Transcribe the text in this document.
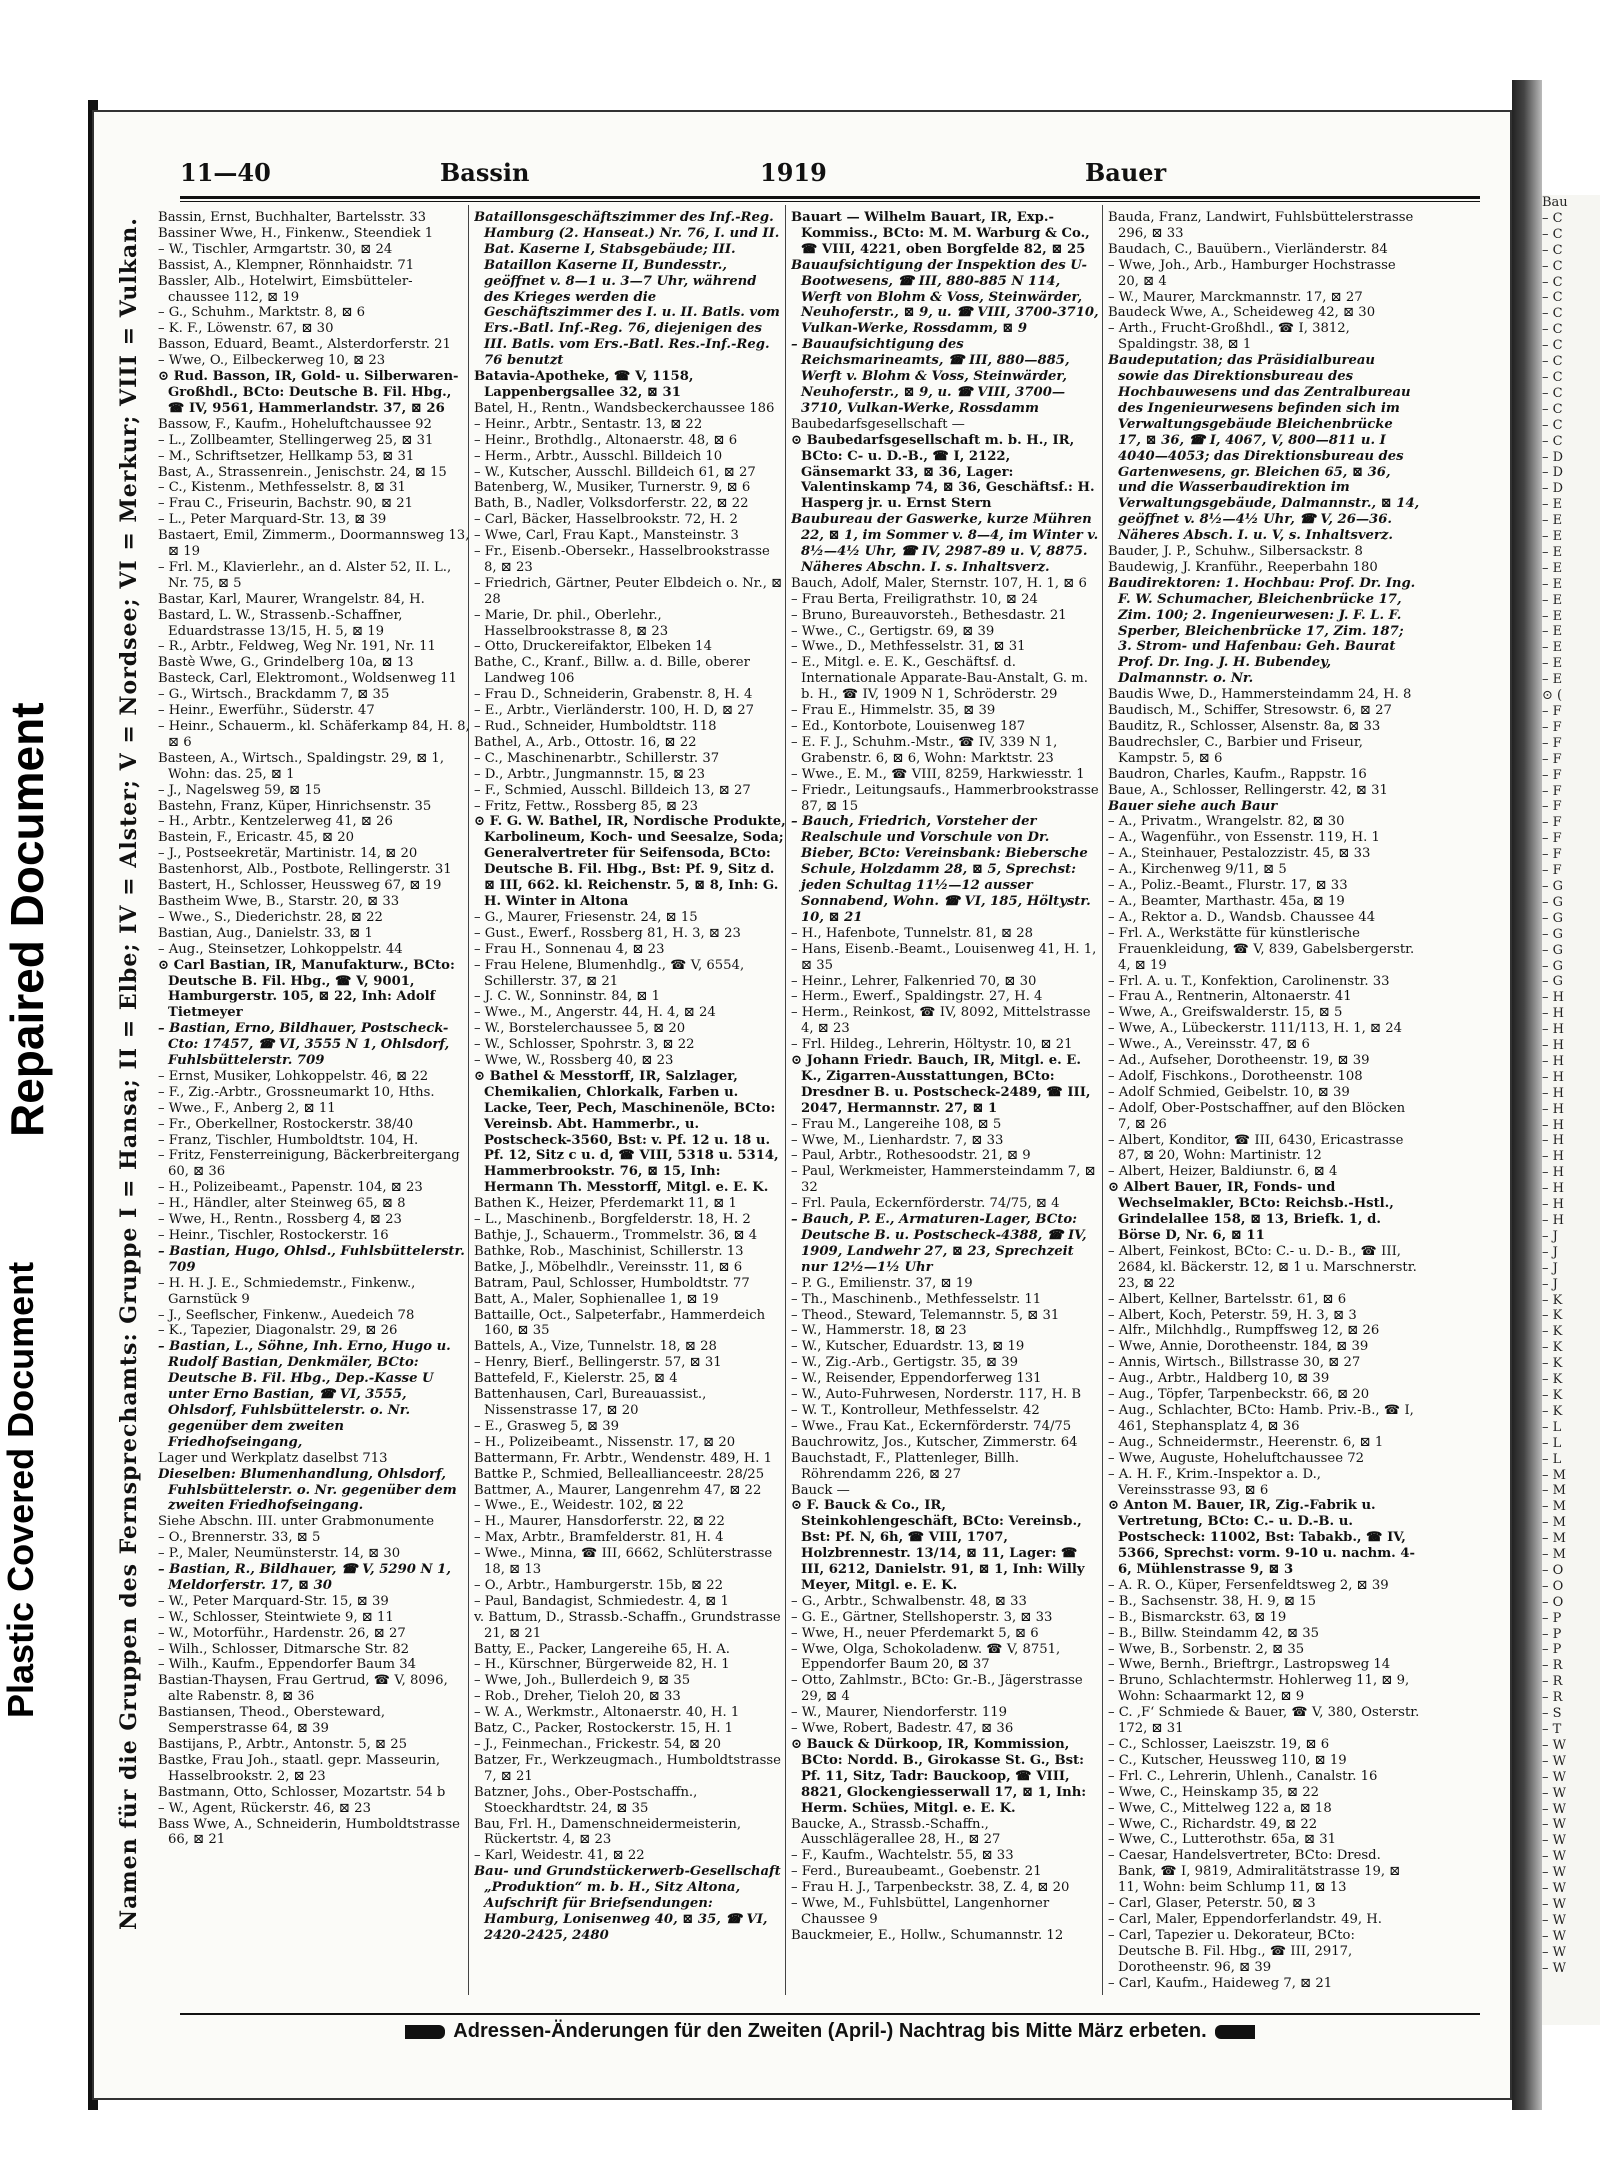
Repaired Document
Plastic Covered Document
Bau
– C
– C
– C
– C
– C
– C
– C
– C
– C
– C
– C
– C
– C
– C
– C
– D
– D
– D
– E
– E
– E
– E
– E
– E
– E
– E
– E
– E
– E
– E
⊙ (
– F
– F
– F
– F
– F
– F
– F
– F
– F
– F
– F
– G
– G
– G
– G
– G
– G
– G
– H
– H
– H
– H
– H
– H
– H
– H
– H
– H
– H
– H
– H
– H
– H
– J
– J
– J
– J
– K
– K
– K
– K
– K
– K
– K
– K
– L
– L
– L
– M
– M
– M
– M
– M
– M
– O
– O
– O
– P
– P
– P
– R
– R
– R
– S
– T
– W
– W
– W
– W
– W
– W
– W
– W
– W
– W
– W
– W
– W
– W
– W
11—40	Bassin	1919	Bauer
Namen für die Gruppen des Fernsprechamts: Gruppe I = Hansa; II = Elbe; IV = Alster; V = Nordsee; VI = Merkur; VIII = Vulkan.	Bassin, Ernst, Buchhalter, Bartelsstr. 33

Bassiner Wwe, H., Finkenw., Steendiek 1

– W., Tischler, Armgartstr. 30, ⊠ 24

Bassist, A., Klempner, Rönnhaidstr. 71

Bassler, Alb., Hotelwirt, Eimsbütteler-chaussee 112, ⊠ 19

– G., Schuhm., Marktstr. 8, ⊠ 6

– K. F., Löwenstr. 67, ⊠ 30

Basson, Eduard, Beamt., Alsterdorferstr. 21

– Wwe, O., Eilbeckerweg 10, ⊠ 23

⊙ Rud. Basson, IR, Gold- u. Silberwaren-Großhdl., BCto: Deutsche B. Fil. Hbg., ☎ IV, 9561, Hammerlandstr. 37, ⊠ 26

Bassow, F., Kaufm., Hoheluftchaussee 92

– L., Zollbeamter, Stellingerweg 25, ⊠ 31

– M., Schriftsetzer, Hellkamp 53, ⊠ 31

Bast, A., Strassenrein., Jenischstr. 24, ⊠ 15

– C., Kistenm., Methfesselstr. 8, ⊠ 31

– Frau C., Friseurin, Bachstr. 90, ⊠ 21

– L., Peter Marquard-Str. 13, ⊠ 39

Bastaert, Emil, Zimmerm., Doormannsweg 13, ⊠ 19

– Frl. M., Klavierlehr., an d. Alster 52, II. L., Nr. 75, ⊠ 5

Bastar, Karl, Maurer, Wrangelstr. 84, H.

Bastard, L. W., Strassenb.-Schaffner, Eduardstrasse 13/15, H. 5, ⊠ 19

– R., Arbtr., Feldweg, Weg Nr. 191, Nr. 11

Bastè Wwe, G., Grindelberg 10a, ⊠ 13

Basteck, Carl, Elektromont., Woldsenweg 11

– G., Wirtsch., Brackdamm 7, ⊠ 35

– Heinr., Ewerführ., Süderstr. 47

– Heinr., Schauerm., kl. Schäferkamp 84, H. 8, ⊠ 6

Basteen, A., Wirtsch., Spaldingstr. 29, ⊠ 1, Wohn: das. 25, ⊠ 1

– J., Nagelsweg 59, ⊠ 15

Bastehn, Franz, Küper, Hinrichsenstr. 35

– H., Arbtr., Kentzelerweg 41, ⊠ 26

Bastein, F., Ericastr. 45, ⊠ 20

– J., Postseekretär, Martinistr. 14, ⊠ 20

Bastenhorst, Alb., Postbote, Rellingerstr. 31

Bastert, H., Schlosser, Heussweg 67, ⊠ 19

Bastheim Wwe, B., Starstr. 20, ⊠ 33

– Wwe., S., Diederichstr. 28, ⊠ 22

Bastian, Aug., Danielstr. 33, ⊠ 1

– Aug., Steinsetzer, Lohkoppelstr. 44

⊙ Carl Bastian, IR, Manufakturw., BCto: Deutsche B. Fil. Hbg., ☎ V, 9001, Hamburgerstr. 105, ⊠ 22, Inh: Adolf Tietmeyer

– Bastian, Erno, Bildhauer, Postscheck-Cto: 17457, ☎ VI, 3555 N 1, Ohlsdorf, Fuhlsbüttelerstr. 709

– Ernst, Musiker, Lohkoppelstr. 46, ⊠ 22

– F., Zig.-Arbtr., Grossneumarkt 10, Hths.

– Wwe., F., Anberg 2, ⊠ 11

– Fr., Oberkellner, Rostockerstr. 38/40

– Franz, Tischler, Humboldtstr. 104, H.

– Fritz, Fensterreinigung, Bäckerbreitergang 60, ⊠ 36

– H., Polizeibeamt., Papenstr. 104, ⊠ 23

– H., Händler, alter Steinweg 65, ⊠ 8

– Wwe, H., Rentn., Rossberg 4, ⊠ 23

– Heinr., Tischler, Rostockerstr. 16

– Bastian, Hugo, Ohlsd., Fuhlsbüttelerstr. 709

– H. H. J. E., Schmiedemstr., Finkenw., Garnstück 9

– J., Seeflscher, Finkenw., Auedeich 78

– K., Tapezier, Diagonalstr. 29, ⊠ 26

– Bastian, L., Söhne, Inh. Erno, Hugo u. Rudolf Bastian, Denkmäler, BCto: Deutsche B. Fil. Hbg., Dep.-Kasse U unter Erno Bastian, ☎ VI, 3555, Ohlsdorf, Fuhlsbüttelerstr. o. Nr. gegenüber dem zweiten Friedhofseingang,

Lager und Werkplatz daselbst 713

Dieselben: Blumenhandlung, Ohlsdorf, Fuhlsbüttelerstr. o. Nr. gegenüber dem zweiten Friedhofseingang.

Siehe Abschn. III. unter Grabmonumente

– O., Brennerstr. 33, ⊠ 5

– P., Maler, Neumünsterstr. 14, ⊠ 30

– Bastian, R., Bildhauer, ☎ V, 5290 N 1, Meldorferstr. 17, ⊠ 30

– W., Peter Marquard-Str. 15, ⊠ 39

– W., Schlosser, Steintwiete 9, ⊠ 11

– W., Motorführ., Hardenstr. 26, ⊠ 27

– Wilh., Schlosser, Ditmarsche Str. 82

– Wilh., Kaufm., Eppendorfer Baum 34

Bastian-Thaysen, Frau Gertrud, ☎ V, 8096, alte Rabenstr. 8, ⊠ 36

Bastiansen, Theod., Obersteward, Semperstrasse 64, ⊠ 39

Bastijans, P., Arbtr., Antonstr. 5, ⊠ 25

Bastke, Frau Joh., staatl. gepr. Masseurin, Hasselbrookstr. 2, ⊠ 23

Bastmann, Otto, Schlosser, Mozartstr. 54 b

– W., Agent, Rückerstr. 46, ⊠ 23

Bass Wwe, A., Schneiderin, Humboldtstrasse 66, ⊠ 21

Bataillonsgeschäftszimmer des Inf.-Reg. Hamburg (2. Hanseat.) Nr. 76, I. und II. Bat. Kaserne I, Stabsgebäude; III. Bataillon Kaserne II, Bundesstr., geöffnet v. 8—1 u. 3—7 Uhr, während des Krieges werden die Geschäftszimmer des I. u. II. Batls. vom Ers.-Batl. Inf.-Reg. 76, diejenigen des III. Batls. vom Ers.-Batl. Res.-Inf.-Reg. 76 benutzt

Batavia-Apotheke, ☎ V, 1158, Lappenbergsallee 32, ⊠ 31

Batel, H., Rentn., Wandsbeckerchaussee 186

– Heinr., Arbtr., Sentastr. 13, ⊠ 22

– Heinr., Brothdlg., Altonaerstr. 48, ⊠ 6

– Herm., Arbtr., Ausschl. Billdeich 10

– W., Kutscher, Ausschl. Billdeich 61, ⊠ 27

Batenberg, W., Musiker, Turnerstr. 9, ⊠ 6

Bath, B., Nadler, Volksdorferstr. 22, ⊠ 22

– Carl, Bäcker, Hasselbrookstr. 72, H. 2

– Wwe, Carl, Frau Kapt., Mansteinstr. 3

– Fr., Eisenb.-Obersekr., Hasselbrookstrasse 8, ⊠ 23

– Friedrich, Gärtner, Peuter Elbdeich o. Nr., ⊠ 28

– Marie, Dr. phil., Oberlehr., Hasselbrookstrasse 8, ⊠ 23

– Otto, Druckereifaktor, Elbeken 14

Bathe, C., Kranf., Billw. a. d. Bille, oberer Landweg 106

– Frau D., Schneiderin, Grabenstr. 8, H. 4

– E., Arbtr., Vierländerstr. 100, H. D, ⊠ 27

– Rud., Schneider, Humboldtstr. 118

Bathel, A., Arb., Ottostr. 16, ⊠ 22

– C., Maschinenarbtr., Schillerstr. 37

– D., Arbtr., Jungmannstr. 15, ⊠ 23

– F., Schmied, Ausschl. Billdeich 13, ⊠ 27

– Fritz, Fettw., Rossberg 85, ⊠ 23

⊙ F. G. W. Bathel, IR, Nordische Produkte, Karbolineum, Koch- und Seesalze, Soda; Generalvertreter für Seifensoda, BCto: Deutsche B. Fil. Hbg., Bst: Pf. 9, Sitz d. ⊠ III, 662. kl. Reichenstr. 5, ⊠ 8, Inh: G. H. Winter in Altona

– G., Maurer, Friesenstr. 24, ⊠ 15

– Gust., Ewerf., Rossberg 81, H. 3, ⊠ 23

– Frau H., Sonnenau 4, ⊠ 23

– Frau Helene, Blumenhdlg., ☎ V, 6554, Schillerstr. 37, ⊠ 21

– J. C. W., Sonninstr. 84, ⊠ 1

– Wwe., M., Angerstr. 44, H. 4, ⊠ 24

– W., Borstelerchaussee 5, ⊠ 20

– W., Schlosser, Spohrstr. 3, ⊠ 22

– Wwe, W., Rossberg 40, ⊠ 23

⊙ Bathel & Messtorff, IR, Salzlager, Chemikalien, Chlorkalk, Farben u. Lacke, Teer, Pech, Maschinenöle, BCto: Vereinsb. Abt. Hammerbr., u. Postscheck-3560, Bst: v. Pf. 12 u. 18 u. Pf. 12, Sitz c u. d, ☎ VIII, 5318 u. 5314, Hammerbrookstr. 76, ⊠ 15, Inh: Hermann Th. Messtorff, Mitgl. e. E. K.

Bathen K., Heizer, Pferdemarkt 11, ⊠ 1

– L., Maschinenb., Borgfelderstr. 18, H. 2

Bathje, J., Schauerm., Trommelstr. 36, ⊠ 4

Bathke, Rob., Maschinist, Schillerstr. 13

Batke, J., Möbelhdlr., Vereinsstr. 11, ⊠ 6

Batram, Paul, Schlosser, Humboldtstr. 77

Batt, A., Maler, Sophienallee 1, ⊠ 19

Battaille, Oct., Salpeterfabr., Hammerdeich 160, ⊠ 35

Battels, A., Vize, Tunnelstr. 18, ⊠ 28

– Henry, Bierf., Bellingerstr. 57, ⊠ 31

Battefeld, F., Kielerstr. 25, ⊠ 4

Battenhausen, Carl, Bureauassist., Nissenstrasse 17, ⊠ 20

– E., Grasweg 5, ⊠ 39

– H., Polizeibeamt., Nissenstr. 17, ⊠ 20

Battermann, Fr. Arbtr., Wendenstr. 489, H. 1

Battke P., Schmied, Belleallianceestr. 28/25

Battmer, A., Maurer, Langenrehm 47, ⊠ 22

– Wwe., E., Weidestr. 102, ⊠ 22

– H., Maurer, Hansdorferstr. 22, ⊠ 22

– Max, Arbtr., Bramfelderstr. 81, H. 4

– Wwe., Minna, ☎ III, 6662, Schlüterstrasse 18, ⊠ 13

– O., Arbtr., Hamburgerstr. 15b, ⊠ 22

– Paul, Bandagist, Schmiedestr. 4, ⊠ 1

v. Battum, D., Strassb.-Schaffn., Grundstrasse 21, ⊠ 21

Batty, E., Packer, Langereihe 65, H. A.

– H., Kürschner, Bürgerweide 82, H. 1

– Wwe, Joh., Bullerdeich 9, ⊠ 35

– Rob., Dreher, Tieloh 20, ⊠ 33

– W. A., Werkmstr., Altonaerstr. 40, H. 1

Batz, C., Packer, Rostockerstr. 15, H. 1

– J., Feinmechan., Frickestr. 54, ⊠ 20

Batzer, Fr., Werkzeugmach., Humboldtstrasse 7, ⊠ 21

Batzner, Johs., Ober-Postschaffn., Stoeckhardtstr. 24, ⊠ 35

Bau, Frl. H., Damenschneidermeisterin, Rückertstr. 4, ⊠ 23

– Karl, Weidestr. 41, ⊠ 22

Bau- und Grundstückerwerb-Gesellschaft „Produktion“ m. b. H., Sitz Altona, Aufschrift für Briefsendungen: Hamburg, Lonisenweg 40, ⊠ 35, ☎ VI, 2420-2425, 2480

Bauart — Wilhelm Bauart, IR, Exp.-Kommiss., BCto: M. M. Warburg & Co., ☎ VIII, 4221, oben Borgfelde 82, ⊠ 25

Bauaufsichtigung der Inspektion des U-Bootwesens, ☎ III, 880-885 N 114, Werft von Blohm & Voss, Steinwärder, Neuhoferstr., ⊠ 9, u. ☎ VIII, 3700-3710, Vulkan-Werke, Rossdamm, ⊠ 9

– Bauaufsichtigung des Reichsmarineamts, ☎ III, 880—885, Werft v. Blohm & Voss, Steinwärder, Neuhoferstr., ⊠ 9, u. ☎ VIII, 3700—3710, Vulkan-Werke, Rossdamm

Baubedarfsgesellschaft —

⊙ Baubedarfsgesellschaft m. b. H., IR, BCto: C- u. D.-B., ☎ I, 2122, Gänsemarkt 33, ⊠ 36, Lager: Valentinskamp 74, ⊠ 36, Geschäftsf.: H. Hasperg jr. u. Ernst Stern

Baubureau der Gaswerke, kurze Mühren 22, ⊠ 1, im Sommer v. 8—4, im Winter v. 8½—4½ Uhr, ☎ IV, 2987-89 u. V, 8875. Näheres Abschn. I. s. Inhaltsverz.

Bauch, Adolf, Maler, Sternstr. 107, H. 1, ⊠ 6

– Frau Berta, Freiligrathstr. 10, ⊠ 24

– Bruno, Bureauvorsteh., Bethesdastr. 21

– Wwe., C., Gertigstr. 69, ⊠ 39

– Wwe., D., Methfesselstr. 31, ⊠ 31

– E., Mitgl. e. E. K., Geschäftsf. d. Internationale Apparate-Bau-Anstalt, G. m. b. H., ☎ IV, 1909 N 1, Schröderstr. 29

– Frau E., Himmelstr. 35, ⊠ 39

– Ed., Kontorbote, Louisenweg 187

– E. F. J., Schuhm.-Mstr., ☎ IV, 339 N 1, Grabenstr. 6, ⊠ 6, Wohn: Marktstr. 23

– Wwe., E. M., ☎ VIII, 8259, Harkwiesstr. 1

– Friedr., Leitungsaufs., Hammerbrookstrasse 87, ⊠ 15

– Bauch, Friedrich, Vorsteher der Realschule und Vorschule von Dr. Bieber, BCto: Vereinsbank: Biebersche Schule, Holzdamm 28, ⊠ 5, Sprechst: jeden Schultag 11½—12 ausser Sonnabend, Wohn. ☎ VI, 185, Höltystr. 10, ⊠ 21

– H., Hafenbote, Tunnelstr. 81, ⊠ 28

– Hans, Eisenb.-Beamt., Louisenweg 41, H. 1, ⊠ 35

– Heinr., Lehrer, Falkenried 70, ⊠ 30

– Herm., Ewerf., Spaldingstr. 27, H. 4

– Herm., Reinkost, ☎ IV, 8092, Mittelstrasse 4, ⊠ 23

– Frl. Hildeg., Lehrerin, Höltystr. 10, ⊠ 21

⊙ Johann Friedr. Bauch, IR, Mitgl. e. E. K., Zigarren-Ausstattungen, BCto: Dresdner B. u. Postscheck-2489, ☎ III, 2047, Hermannstr. 27, ⊠ 1

– Frau M., Langereihe 108, ⊠ 5

– Wwe, M., Lienhardstr. 7, ⊠ 33

– Paul, Arbtr., Rothesoodstr. 21, ⊠ 9

– Paul, Werkmeister, Hammersteindamm 7, ⊠ 32

– Frl. Paula, Eckernförderstr. 74/75, ⊠ 4

– Bauch, P. E., Armaturen-Lager, BCto: Deutsche B. u. Postscheck-4388, ☎ IV, 1909, Landwehr 27, ⊠ 23, Sprechzeit nur 12½—1½ Uhr

– P. G., Emilienstr. 37, ⊠ 19

– Th., Maschinenb., Methfesselstr. 11

– Theod., Steward, Telemannstr. 5, ⊠ 31

– W., Hammerstr. 18, ⊠ 23

– W., Kutscher, Eduardstr. 13, ⊠ 19

– W., Zig.-Arb., Gertigstr. 35, ⊠ 39

– W., Reisender, Eppendorferweg 131

– W., Auto-Fuhrwesen, Norderstr. 117, H. B

– W. T., Kontrolleur, Methfesselstr. 42

– Wwe., Frau Kat., Eckernförderstr. 74/75

Bauchrowitz, Jos., Kutscher, Zimmerstr. 64

Bauchstadt, F., Plattenleger, Billh. Röhrendamm 226, ⊠ 27

Bauck —

⊙ F. Bauck & Co., IR, Steinkohlengeschäft, BCto: Vereinsb., Bst: Pf. N, 6h, ☎ VIII, 1707, Holzbrennestr. 13/14, ⊠ 11, Lager: ☎ III, 6212, Danielstr. 91, ⊠ 1, Inh: Willy Meyer, Mitgl. e. E. K.

– G., Arbtr., Schwalbenstr. 48, ⊠ 33

– G. E., Gärtner, Stellshoperstr. 3, ⊠ 33

– Wwe, H., neuer Pferdemarkt 5, ⊠ 6

– Wwe, Olga, Schokoladenw. ☎ V, 8751, Eppendorfer Baum 20, ⊠ 37

– Otto, Zahlmstr., BCto: Gr.-B., Jägerstrasse 29, ⊠ 4

– W., Maurer, Niendorferstr. 119

– Wwe, Robert, Badestr. 47, ⊠ 36

⊙ Bauck & Dürkoop, IR, Kommission, BCto: Nordd. B., Girokasse St. G., Bst: Pf. 11, Sitz, Tadr: Bauckoop, ☎ VIII, 8821, Glockengiesserwall 17, ⊠ 1, Inh: Herm. Schües, Mitgl. e. E. K.

Baucke, A., Strassb.-Schaffn., Ausschlägerallee 28, H., ⊠ 27

– F., Kaufm., Wachtelstr. 55, ⊠ 33

– Ferd., Bureaubeamt., Goebenstr. 21

– Frau H. J., Tarpenbeckstr. 38, Z. 4, ⊠ 20

– Wwe, M., Fuhlsbüttel, Langenhorner Chaussee 9

Bauckmeier, E., Hollw., Schumannstr. 12

Bauda, Franz, Landwirt, Fuhlsbüttelerstrasse 296, ⊠ 33

Baudach, C., Bauübern., Vierländerstr. 84

– Wwe, Joh., Arb., Hamburger Hochstrasse 20, ⊠ 4

– W., Maurer, Marckmannstr. 17, ⊠ 27

Baudeck Wwe, A., Scheideweg 42, ⊠ 30

– Arth., Frucht-Großhdl., ☎ I, 3812, Spaldingstr. 38, ⊠ 1

Baudeputation; das Präsidialbureau sowie das Direktionsbureau des Hochbauwesens und das Zentralbureau des Ingenieurwesens befinden sich im Verwaltungsgebäude Bleichenbrücke 17, ⊠ 36, ☎ I, 4067, V, 800—811 u. I 4040—4053; das Direktionsbureau des Gartenwesens, gr. Bleichen 65, ⊠ 36, und die Wasserbaudirektion im Verwaltungsgebäude, Dalmannstr., ⊠ 14, geöffnet v. 8½—4½ Uhr, ☎ V, 26—36. Näheres Absch. I. u. V, s. Inhaltsverz.

Bauder, J. P., Schuhw., Silbersackstr. 8

Baudewig, J. Kranführ., Reeperbahn 180

Baudirektoren: 1. Hochbau: Prof. Dr. Ing. F. W. Schumacher, Bleichenbrücke 17, Zim. 100; 2. Ingenieurwesen: J. F. L. F. Sperber, Bleichenbrücke 17, Zim. 187; 3. Strom- und Hafenbau: Geh. Baurat Prof. Dr. Ing. J. H. Bubendey, Dalmannstr. o. Nr.

Baudis Wwe, D., Hammersteindamm 24, H. 8

Baudisch, M., Schiffer, Stresowstr. 6, ⊠ 27

Bauditz, R., Schlosser, Alsenstr. 8a, ⊠ 33

Baudrechsler, C., Barbier und Friseur, Kampstr. 5, ⊠ 6

Baudron, Charles, Kaufm., Rappstr. 16

Baue, A., Schlosser, Rellingerstr. 42, ⊠ 31

Bauer siehe auch Baur

– A., Privatm., Wrangelstr. 82, ⊠ 30

– A., Wagenführ., von Essenstr. 119, H. 1

– A., Steinhauer, Pestalozzistr. 45, ⊠ 33

– A., Kirchenweg 9/11, ⊠ 5

– A., Poliz.-Beamt., Flurstr. 17, ⊠ 33

– A., Beamter, Marthastr. 45a, ⊠ 19

– A., Rektor a. D., Wandsb. Chaussee 44

– Frl. A., Werkstätte für künstlerische Frauenkleidung, ☎ V, 839, Gabelsbergerstr. 4, ⊠ 19

– Frl. A. u. T., Konfektion, Carolinenstr. 33

– Frau A., Rentnerin, Altonaerstr. 41

– Wwe, A., Greifswalderstr. 15, ⊠ 5

– Wwe, A., Lübeckerstr. 111/113, H. 1, ⊠ 24

– Wwe., A., Vereinsstr. 47, ⊠ 6

– Ad., Aufseher, Dorotheenstr. 19, ⊠ 39

– Adolf, Fischkons., Dorotheenstr. 108

– Adolf Schmied, Geibelstr. 10, ⊠ 39

– Adolf, Ober-Postschaffner, auf den Blöcken 7, ⊠ 26

– Albert, Konditor, ☎ III, 6430, Ericastrasse 87, ⊠ 20, Wohn: Martinistr. 12

– Albert, Heizer, Baldiunstr. 6, ⊠ 4

⊙ Albert Bauer, IR, Fonds- und Wechselmakler, BCto: Reichsb.-Hstl., Grindelallee 158, ⊠ 13, Briefk. 1, d. Börse D, Nr. 6, ⊠ 11

– Albert, Feinkost, BCto: C.- u. D.- B., ☎ III, 2684, kl. Bäckerstr. 12, ⊠ 1 u. Marschnerstr. 23, ⊠ 22

– Albert, Kellner, Bartelsstr. 61, ⊠ 6

– Albert, Koch, Peterstr. 59, H. 3, ⊠ 3

– Alfr., Milchhdlg., Rumpffsweg 12, ⊠ 26

– Wwe, Annie, Dorotheenstr. 184, ⊠ 39

– Annis, Wirtsch., Billstrasse 30, ⊠ 27

– Aug., Arbtr., Haldberg 10, ⊠ 39

– Aug., Töpfer, Tarpenbeckstr. 66, ⊠ 20

– Aug., Schlachter, BCto: Hamb. Priv.-B., ☎ I, 461, Stephansplatz 4, ⊠ 36

– Aug., Schneidermstr., Heerenstr. 6, ⊠ 1

– Wwe, Auguste, Hoheluftchaussee 72

– A. H. F., Krim.-Inspektor a. D., Vereinsstrasse 93, ⊠ 6

⊙ Anton M. Bauer, IR, Zig.-Fabrik u. Vertretung, BCto: C.- u. D.-B. u. Postscheck: 11002, Bst: Tabakb., ☎ IV, 5366, Sprechst: vorm. 9-10 u. nachm. 4-6, Mühlenstrasse 9, ⊠ 3

– A. R. O., Küper, Fersenfeldtsweg 2, ⊠ 39

– B., Sachsenstr. 38, H. 9, ⊠ 15

– B., Bismarckstr. 63, ⊠ 19

– B., Billw. Steindamm 42, ⊠ 35

– Wwe, B., Sorbenstr. 2, ⊠ 35

– Wwe, Bernh., Brieftrgr., Lastropsweg 14

– Bruno, Schlachtermstr. Hohlerweg 11, ⊠ 9, Wohn: Schaarmarkt 12, ⊠ 9

– C. ‚F‘ Schmiede & Bauer, ☎ V, 380, Osterstr. 172, ⊠ 31

– C., Schlosser, Laeiszstr. 19, ⊠ 6

– C., Kutscher, Heussweg 110, ⊠ 19

– Frl. C., Lehrerin, Uhlenh., Canalstr. 16

– Wwe, C., Heinskamp 35, ⊠ 22

– Wwe, C., Mittelweg 122 a, ⊠ 18

– Wwe, C., Richardstr. 49, ⊠ 22

– Wwe, C., Lutterothstr. 65a, ⊠ 31

– Caesar, Handelsvertreter, BCto: Dresd. Bank, ☎ I, 9819, Admiralitätstrasse 19, ⊠ 11, Wohn: beim Schlump 11, ⊠ 13

– Carl, Glaser, Peterstr. 50, ⊠ 3

– Carl, Maler, Eppendorferlandstr. 49, H.

– Carl, Tapezier u. Dekorateur, BCto: Deutsche B. Fil. Hbg., ☎ III, 2917, Dorotheenstr. 96, ⊠ 39

– Carl, Kaufm., Haideweg 7, ⊠ 21

Adressen-Änderungen für den Zweiten (April-) Nachtrag bis Mitte März erbeten.
